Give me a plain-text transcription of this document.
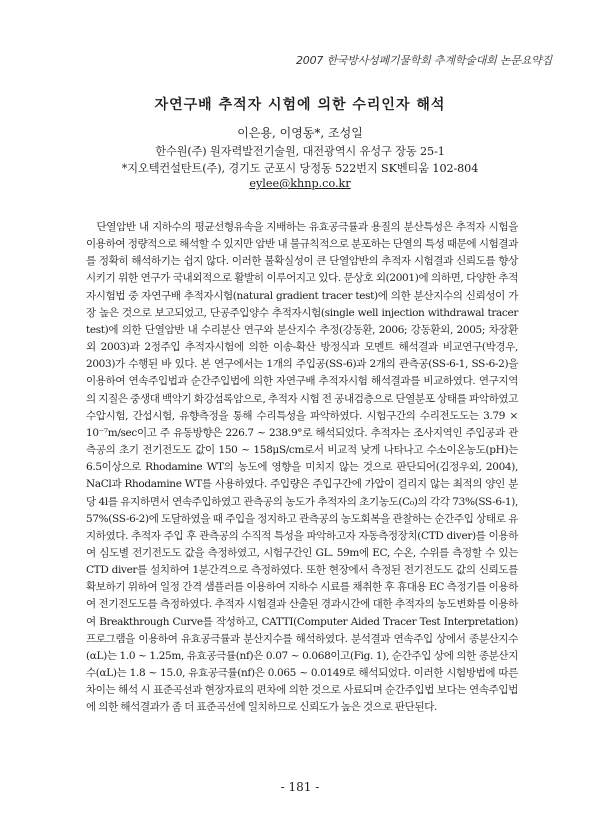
2007 한국방사성폐기물학회 추계학술대회 논문요약집
자연구배 추적자 시험에 의한 수리인자 해석
이은용, 이영동*, 조성일
한수원(주) 원자력발전기술원, 대전광역시 유성구 장동 25-1
*지오텍컨설탄트(주), 경기도 군포시 당정동 522번지 SK벤티움 102-804
eylee@khnp.co.kr

단열암반 내 지하수의 평균선형유속을 지배하는 유효공극률과 용질의 분산특성은 추적자 시험을 이용하여 정량적으로 해석할 수 있지만 암반 내 불규칙적으로 분포하는 단열의 특성 때문에 시험결과를 정확히 해석하기는 쉽지 않다. 이러한 불확실성이 큰 단열암반의 추적자 시험결과 신뢰도를 향상시키기 위한 연구가 국내외적으로 활발히 이루어지고 있다. 문상호 외(2001)에 의하면, 다양한 추적자시험법 중 자연구배 추적자시험(natural gradient tracer test)에 의한 분산지수의 신뢰성이 가장 높은 것으로 보고되었고, 단공주입양수 추적자시험(single well injection withdrawal tracer test)에 의한 단열암반 내 수리분산 연구와 분산지수 추정(강동환, 2006; 강동환외, 2005; 차장환 외 2003)과 2정주입 추적자시험에 의한 이송-확산 방정식과 모멘트 해석결과 비교연구(박경우, 2003)가 수행된 바 있다. 본 연구에서는 1개의 주입공(SS-6)과 2개의 관측공(SS-6-1, SS-6-2)을 이용하여 연속주입법과 순간주입법에 의한 자연구배 추적자시험 해석결과를 비교하였다. 연구지역의 지질은 중생대 백악기 화강섬록암으로, 추적자 시험 전 공내검층으로 단열분포 상태를 파악하였고 수압시험, 간섭시험, 유향측정을 통해 수리특성을 파악하였다. 시험구간의 수리전도도는 3.79 × 10⁻⁷m/sec이고 주 유동방향은 226.7 ~ 238.9°로 해석되었다. 추적자는 조사지역인 주입공과 관측공의 초기 전기전도도 값이 150 ~ 158μS/cm로서 비교적 낮게 나타나고 수소이온농도(pH)는 6.5이상으로 Rhodamine WT의 농도에 영향을 미치지 않는 것으로 판단되어(김정우외, 2004), NaCl과 Rhodamine WT를 사용하였다. 주입량은 주입구간에 가압이 걸리지 않는 최적의 양인 분당 4l를 유지하면서 연속주입하였고 관측공의 농도가 추적자의 초기농도(C₀)의 각각 73%(SS-6-1), 57%(SS-6-2)에 도달하였을 때 주입을 정지하고 관측공의 농도회복을 관찰하는 순간주입 상태로 유지하였다. 추적자 주입 후 관측공의 수직적 특성을 파악하고자 자동측정장치(CTD diver)를 이용하여 심도별 전기전도도 값을 측정하였고, 시험구간인 GL. 59m에 EC, 수온, 수위를 측정할 수 있는 CTD diver를 설치하여 1분간격으로 측정하였다. 또한 현장에서 측정된 전기전도도 값의 신뢰도를 확보하기 위하여 일정 간격 샘플러를 이용하여 지하수 시료를 채취한 후 휴대용 EC 측정기를 이용하여 전기전도도를 측정하였다. 추적자 시험결과 산출된 경과시간에 대한 추적자의 농도변화를 이용하여 Breakthrough Curve를 작성하고, CATTI(Computer Aided Tracer Test Interpretation) 프로그램을 이용하여 유효공극률과 분산지수를 해석하였다. 분석결과 연속주입 상에서 종분산지수(αL)는 1.0 ~ 1.25m, 유효공극률(nf)은 0.07 ~ 0.068이고(Fig. 1), 순간주입 상에 의한 종분산지수(αL)는 1.8 ~ 15.0, 유효공극률(nf)은 0.065 ~ 0.0149로 해석되었다. 이러한 시험방법에 따른 차이는 해석 시 표준곡선과 현장자료의 편차에 의한 것으로 사료되며 순간주입법 보다는 연속주입법에 의한 해석결과가 좀 더 표준곡선에 일치하므로 신뢰도가 높은 것으로 판단된다.

- 181 -
